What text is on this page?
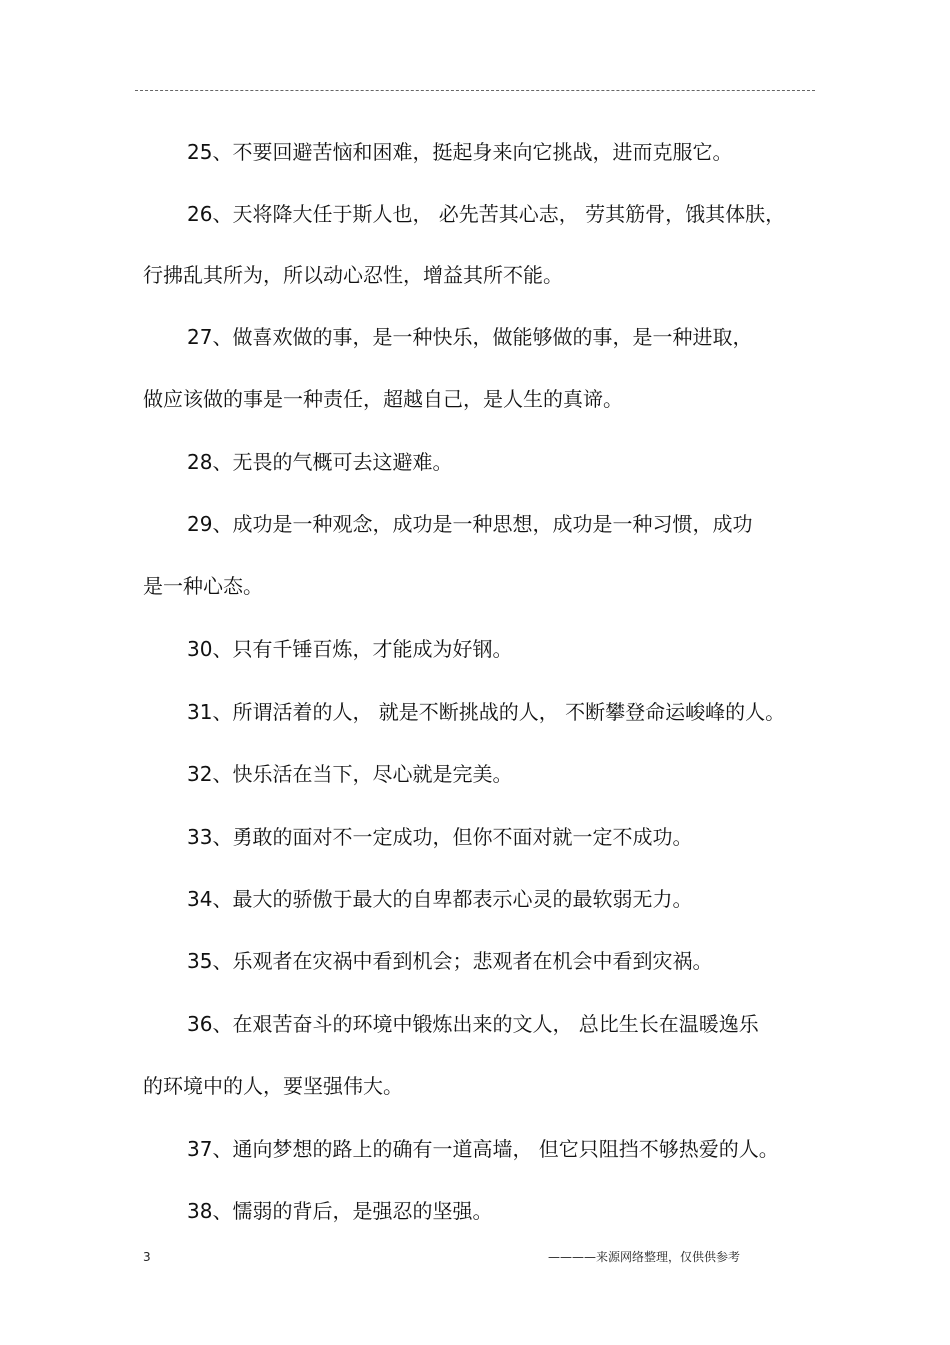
25、不要回避苦恼和困难，挺起身来向它挑战，进而克服它。
26、天将降大任于斯人也， 必先苦其心志， 劳其筋骨，饿其体肤，
行拂乱其所为，所以动心忍性，增益其所不能。
27、做喜欢做的事，是一种快乐，做能够做的事，是一种进取，
做应该做的事是一种责任，超越自己，是人生的真谛。
28、无畏的气概可去这避难。
29、成功是一种观念，成功是一种思想，成功是一种习惯，成功
是一种心态。
30、只有千锤百炼，才能成为好钢。
31、所谓活着的人， 就是不断挑战的人， 不断攀登命运峻峰的人。
32、快乐活在当下，尽心就是完美。
33、勇敢的面对不一定成功，但你不面对就一定不成功。
34、最大的骄傲于最大的自卑都表示心灵的最软弱无力。
35、乐观者在灾祸中看到机会；悲观者在机会中看到灾祸。
36、在艰苦奋斗的环境中锻炼出来的文人， 总比生长在温暖逸乐
的环境中的人，要坚强伟大。
37、通向梦想的路上的确有一道高墙， 但它只阻挡不够热爱的人。
38、懦弱的背后，是强忍的坚强。
3	————来源网络整理，仅供供参考
